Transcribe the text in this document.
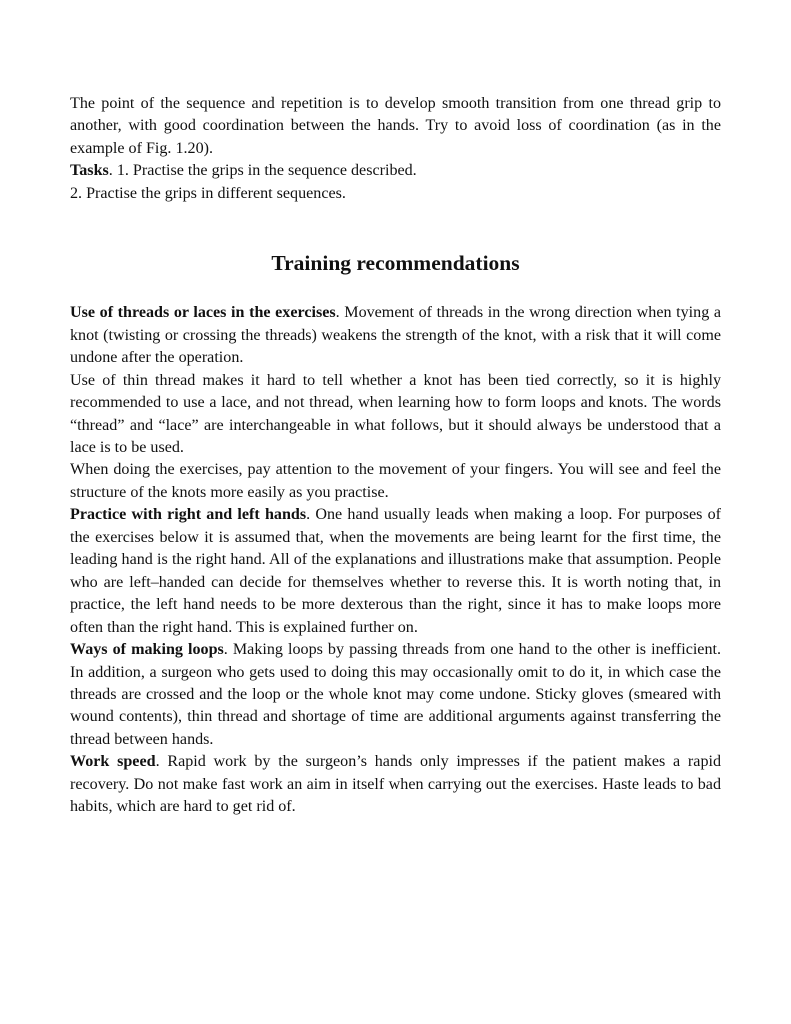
The point of the sequence and repetition is to develop smooth transition from one thread grip to another, with good coordination between the hands. Try to avoid loss of coordination (as in the example of Fig. 1.20).

Tasks. 1. Practise the grips in the sequence described.

2. Practise the grips in different sequences.

Training recommendations

Use of threads or laces in the exercises. Movement of threads in the wrong direction when tying a knot (twisting or crossing the threads) weakens the strength of the knot, with a risk that it will come undone after the operation.

Use of thin thread makes it hard to tell whether a knot has been tied correctly, so it is highly recommended to use a lace, and not thread, when learning how to form loops and knots. The words “thread” and “lace” are interchangeable in what follows, but it should always be understood that a lace is to be used.

When doing the exercises, pay attention to the movement of your fingers. You will see and feel the structure of the knots more easily as you practise.

Practice with right and left hands. One hand usually leads when making a loop. For purposes of the exercises below it is assumed that, when the movements are being learnt for the first time, the leading hand is the right hand. All of the explanations and illustrations make that assumption. People who are left–handed can decide for themselves whether to reverse this. It is worth noting that, in practice, the left hand needs to be more dexterous than the right, since it has to make loops more often than the right hand. This is explained further on.

Ways of making loops. Making loops by passing threads from one hand to the other is inefficient. In addition, a surgeon who gets used to doing this may occasionally omit to do it, in which case the threads are crossed and the loop or the whole knot may come undone. Sticky gloves (smeared with wound contents), thin thread and shortage of time are additional arguments against transferring the thread between hands.

Work speed. Rapid work by the surgeon’s hands only impresses if the patient makes a rapid recovery. Do not make fast work an aim in itself when carrying out the exercises. Haste leads to bad habits, which are hard to get rid of.
